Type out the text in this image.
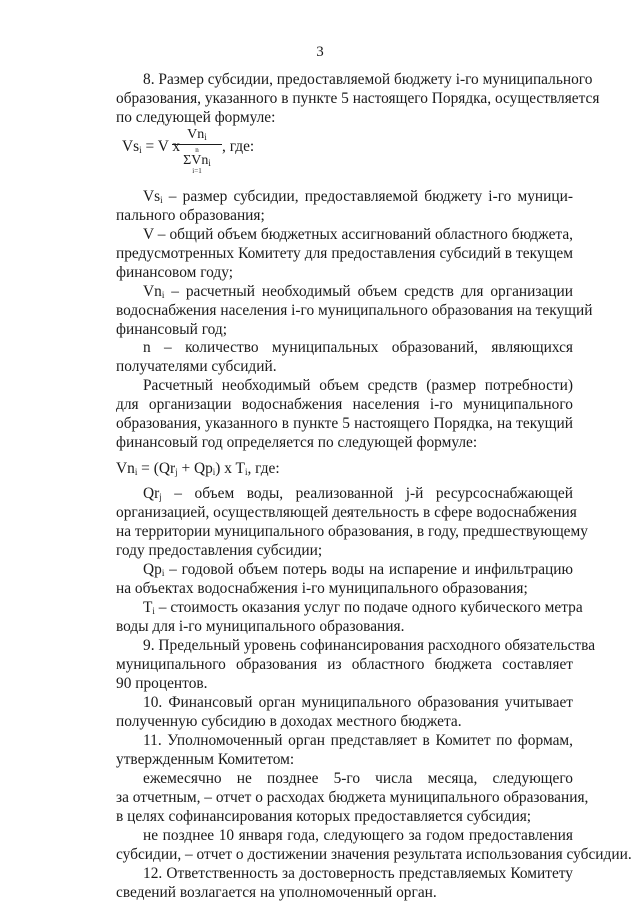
3
$Vs_i = V$ x
$Vn_i$
n
ΣVn$_i$
i=1
, где:
$Vn_i = (Qr_j + Qp_i)$ x $T_i$, где:
8. Размер субсидии, предоставляемой бюджету i-го муниципального
образования, указанного в пункте 5 настоящего Порядка, осуществляется
по следующей формуле:
$Vs_i$ – размер субсидии, предоставляемой бюджету i-го муници-
пального образования;
V – общий объем бюджетных ассигнований областного бюджета,
предусмотренных Комитету для предоставления субсидий в текущем
финансовом году;
$Vn_i$ – расчетный необходимый объем средств для организации
водоснабжения населения i-го муниципального образования на текущий
финансовый год;
n – количество муниципальных образований, являющихся
получателями субсидий.
Расчетный необходимый объем средств (размер потребности)
для организации водоснабжения населения i-го муниципального
образования, указанного в пункте 5 настоящего Порядка, на текущий
финансовый год определяется по следующей формуле:
$Qr_j$ – объем воды, реализованной j-й ресурсоснабжающей
организацией, осуществляющей деятельность в сфере водоснабжения
на территории муниципального образования, в году, предшествующему
году предоставления субсидии;
$Qp_i$ – годовой объем потерь воды на испарение и инфильтрацию
на объектах водоснабжения i-го муниципального образования;
$T_i$ – стоимость оказания услуг по подаче одного кубического метра
воды для i-го муниципального образования.
9. Предельный уровень софинансирования расходного обязательства
муниципального образования из областного бюджета составляет
90 процентов.
10. Финансовый орган муниципального образования учитывает
полученную субсидию в доходах местного бюджета.
11. Уполномоченный орган представляет в Комитет по формам,
утвержденным Комитетом:
ежемесячно не позднее 5-го числа месяца, следующего
за отчетным, – отчет о расходах бюджета муниципального образования,
в целях софинансирования которых предоставляется субсидия;
не позднее 10 января года, следующего за годом предоставления
субсидии, – отчет о достижении значения результата использования субсидии.
12. Ответственность за достоверность представляемых Комитету
сведений возлагается на уполномоченный орган.
